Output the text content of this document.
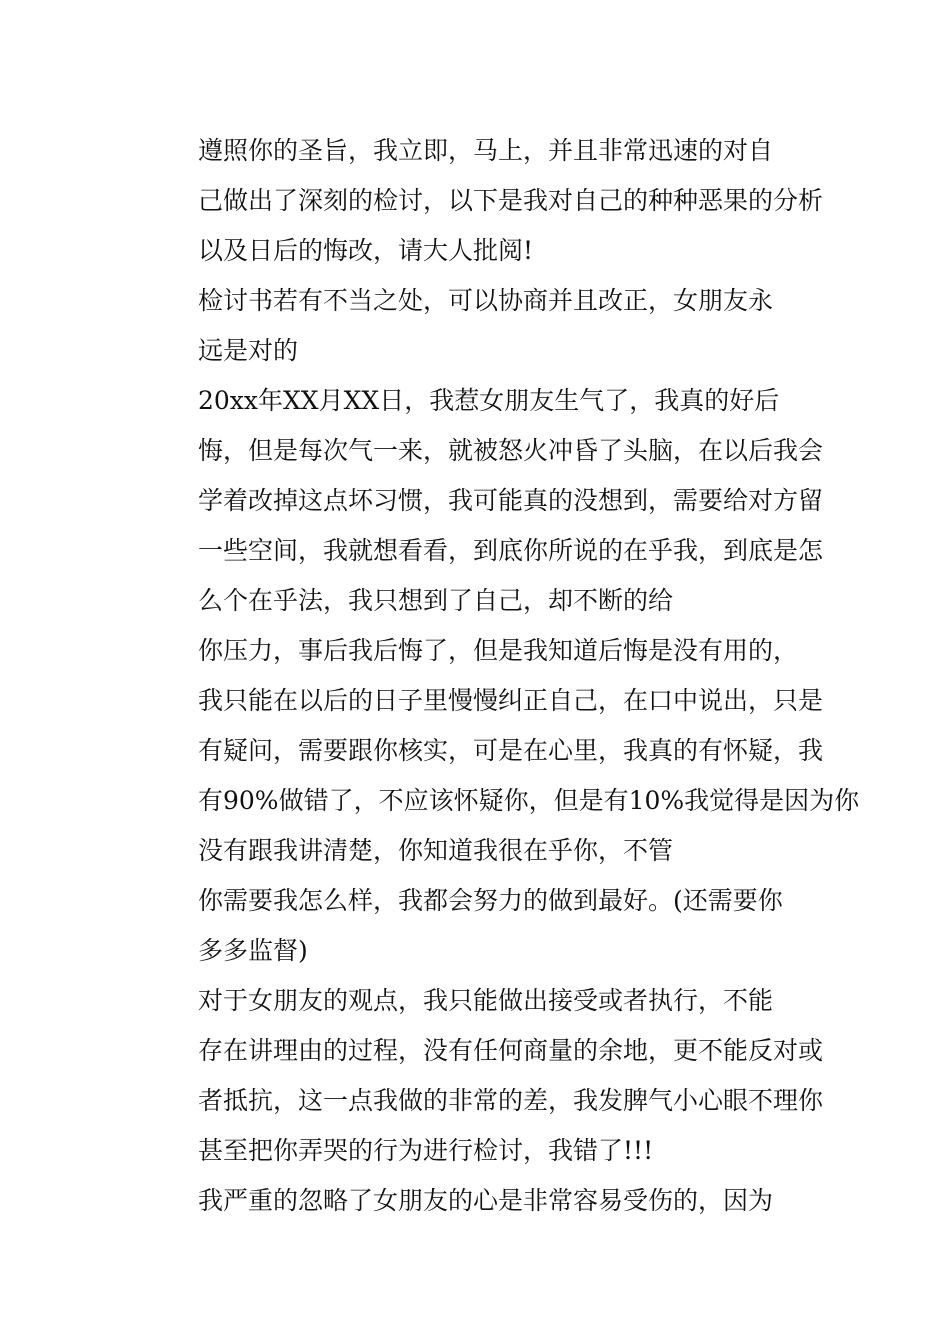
遵照你的圣旨，我立即，马上，并且非常迅速的对自
己做出了深刻的检讨，以下是我对自己的种种恶果的分析
以及日后的悔改，请大人批阅!

检讨书若有不当之处，可以协商并且改正，女朋友永
远是对的

20xx年XX月XX日，我惹女朋友生气了，我真的好后
悔，但是每次气一来，就被怒火冲昏了头脑，在以后我会
学着改掉这点坏习惯，我可能真的没想到，需要给对方留
一些空间，我就想看看，到底你所说的在乎我，到底是怎
么个在乎法，我只想到了自己，却不断的给

你压力，事后我后悔了，但是我知道后悔是没有用的，
我只能在以后的日子里慢慢纠正自己，在口中说出，只是
有疑问，需要跟你核实，可是在心里，我真的有怀疑，我
有90%做错了，不应该怀疑你，但是有10%我觉得是因为你
没有跟我讲清楚，你知道我很在乎你，不管

你需要我怎么样，我都会努力的做到最好。(还需要你
多多监督)

对于女朋友的观点，我只能做出接受或者执行，不能
存在讲理由的过程，没有任何商量的余地，更不能反对或
者抵抗，这一点我做的非常的差，我发脾气小心眼不理你
甚至把你弄哭的行为进行检讨，我错了!!!

我严重的忽略了女朋友的心是非常容易受伤的，因为
